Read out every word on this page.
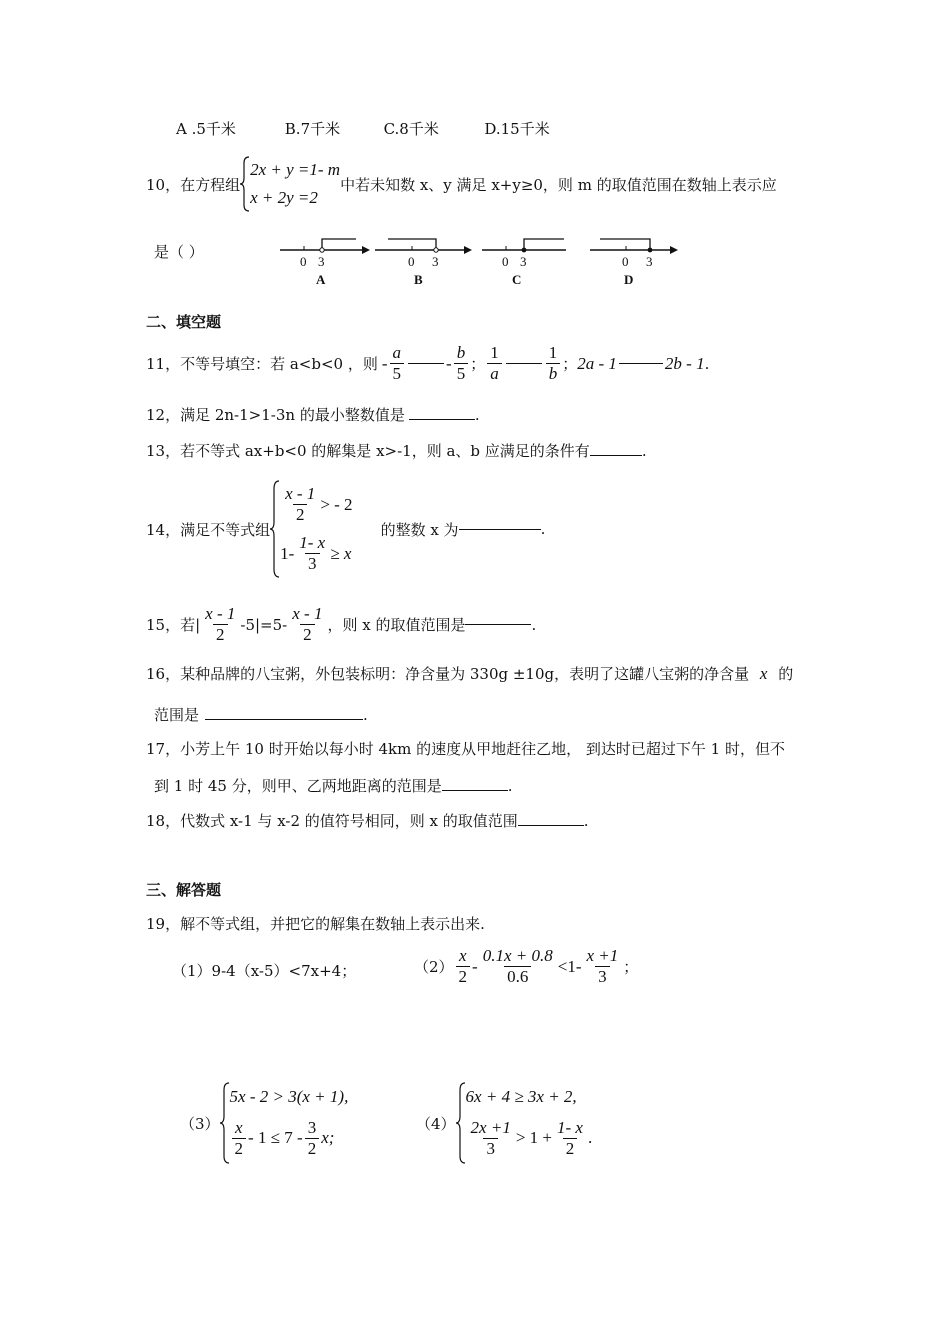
A .5千米	B.7千米	C.8千米	D.15千米
10，在方程组
2x + y =1- m
x + 2y =2
中若未知数 x、y 满足 x+y≥0，则 m 的取值范围在数轴上表示应
是（ ）
0 3	0 3	0 3	0 3
A	B	C	D
二、填空题
11，不等号填空：若 a<b<0 ，则 - $\frac{a}{5} - \frac{b}{5}$ ； $\frac{1}{a}$	$\frac{1}{b}$ ； 2a - 1	2b - 1 .
12，满足 2n-1>1-3n 的最小整数值是	.
13，若不等式 ax+b<0 的解集是 x>-1，则 a、b 应满足的条件有	.
14，满足不等式组
$\frac{x - 1}{2}$ > - 2
$1- \frac{1- x}{3} \ge x$
的整数 x 为	.
15，若| $\frac{x - 1}{2} -5|=5- \frac{x - 1}{2}$ ，则 x 的取值范围是	.
16，某种品牌的八宝粥，外包装标明：净含量为 330g ±10g，表明了这罐八宝粥的净含量 x 的
范围是	.
17，小芳上午 10 时开始以每小时 4km 的速度从甲地赶往乙地， 到达时已超过下午 1 时，但不
到 1 时 45 分，则甲、乙两地距离的范围是	.
18，代数式 x-1 与 x-2 的值符号相同，则 x 的取值范围	.
三、解答题
19，解不等式组，并把它的解集在数轴上表示出来.
（1）9-4（x-5）<7x+4；	$(2) \frac{x}{2} - \frac{0.1x + 0.8}{0.6} <1- \frac{x +1}{3}$ ；
（3）
5x - 2 > 3(x + 1),
$\frac{x}{2} - 1 \le 7 - \frac{3}{2} x$;
（4）
6x + 4 ≥ 3x + 2,
$\frac{2x +1}{3} > 1 + \frac{1- x}{2}$ .
